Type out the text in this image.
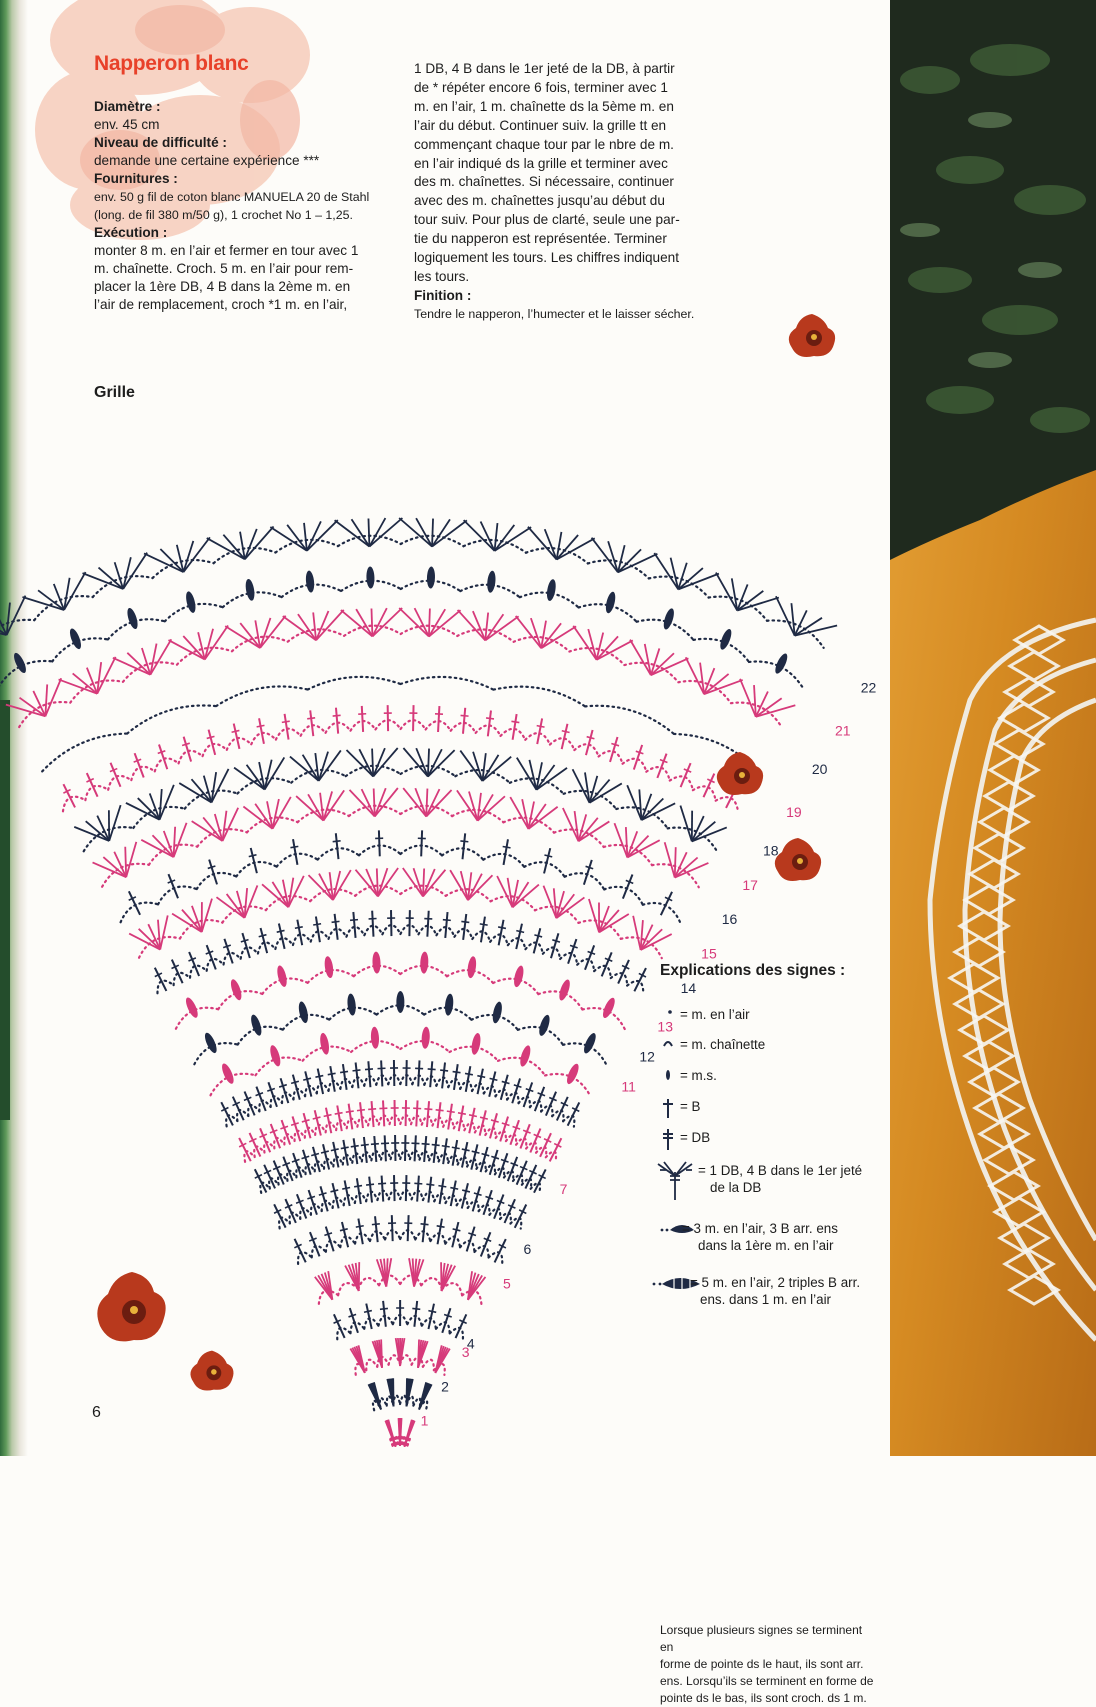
Napperon blanc
Diamètre :
env. 45 cm
Niveau de difficulté :
demande une certaine expérience ***
Fournitures :
env. 50 g fil de coton blanc MANUELA 20 de Stahl
(long. de fil 380 m/50 g), 1 crochet No 1 – 1,25.
Exécution :
monter 8 m. en l’air et fermer en tour avec 1
m. chaînette. Croch. 5 m. en l’air pour rem-
placer la 1ère DB, 4 B dans la 2ème m. en
l’air de remplacement, croch *1 m. en l’air,
1 DB, 4 B dans le 1er jeté de la DB, à partir
de * répéter encore 6 fois, terminer avec 1
m. en l’air, 1 m. chaînette ds la 5ème m. en
l’air du début. Continuer suiv. la grille tt en
commençant chaque tour par le nbre de m.
en l’air indiqué ds la grille et terminer avec
des m. chaînettes. Si nécessaire, continuer
avec des m. chaînettes jusqu’au début du
tour suiv. Pour plus de clarté, seule une par-
tie du napperon est représentée. Terminer
logiquement les tours. Les chiffres indiquent
les tours.
Finition :
Tendre le napperon, l’humecter et le laisser sécher.
Grille
1
2
3
4
5
6
7
11
12
13
14
15
16
17
18
19
20
21
22
Explications des signes :
= m. en l’air
= m. chaînette
= m.s.
= B
= DB
= 1 DB, 4 B dans le 1er jeté
de la DB
= 3 m. en l’air, 3 B arr. ens
dans la 1ère m. en l’air
= 5 m. en l’air, 2 triples B arr.
ens. dans 1 m. en l’air
Lorsque plusieurs signes se terminent en
forme de pointe ds le haut, ils sont arr.
ens. Lorsqu’ils se terminent en forme de
pointe ds le bas, ils sont croch. ds 1 m.
6
